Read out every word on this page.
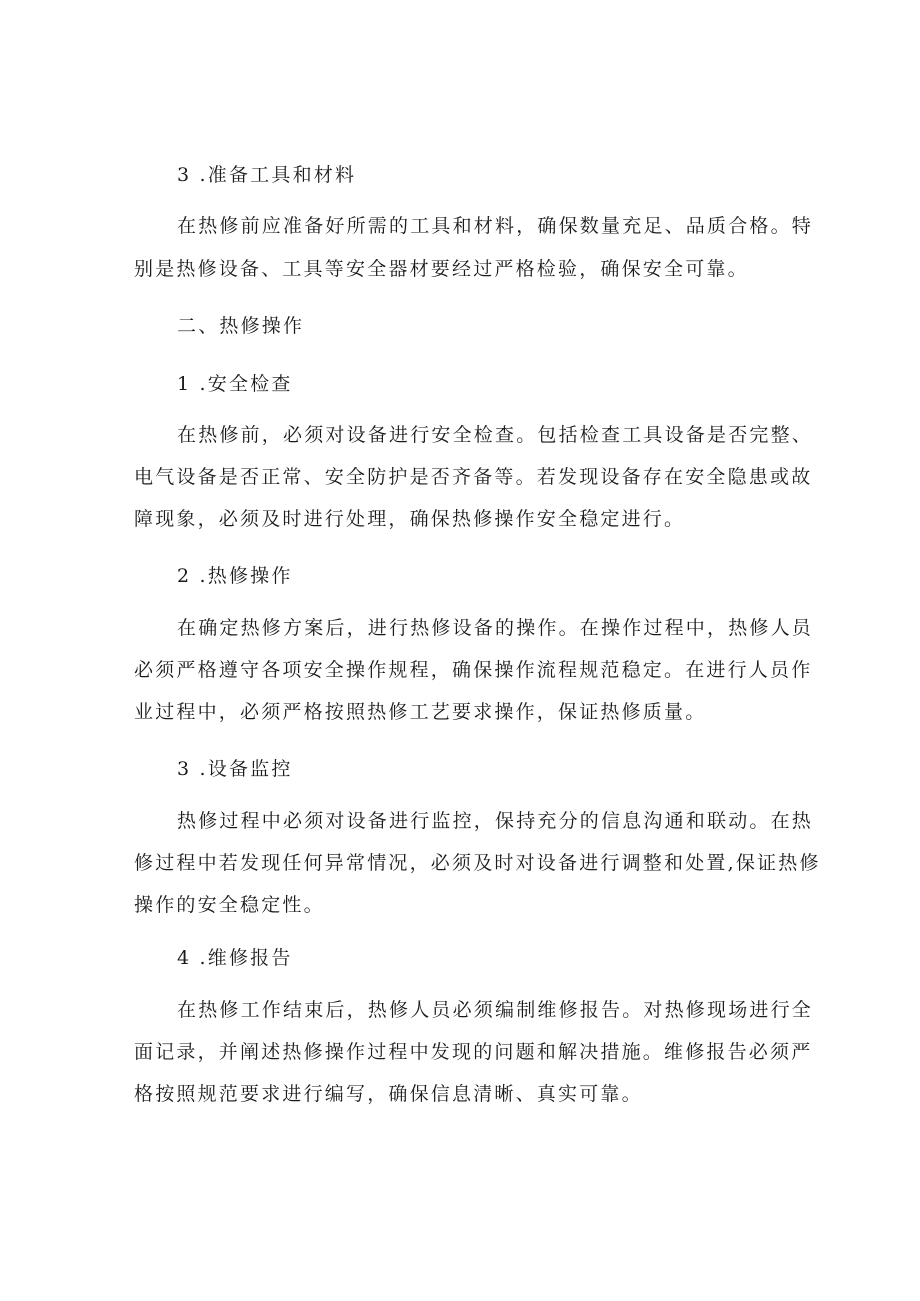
3 .准备工具和材料
在热修前应准备好所需的工具和材料，确保数量充足、品质合格。特
别是热修设备、工具等安全器材要经过严格检验，确保安全可靠。
二、热修操作
1 .安全检查
在热修前，必须对设备进行安全检查。包括检查工具设备是否完整、
电气设备是否正常、安全防护是否齐备等。若发现设备存在安全隐患或故
障现象，必须及时进行处理，确保热修操作安全稳定进行。
2 .热修操作
在确定热修方案后，进行热修设备的操作。在操作过程中，热修人员
必须严格遵守各项安全操作规程，确保操作流程规范稳定。在进行人员作
业过程中，必须严格按照热修工艺要求操作，保证热修质量。
3 .设备监控
热修过程中必须对设备进行监控，保持充分的信息沟通和联动。在热
修过程中若发现任何异常情况，必须及时对设备进行调整和处置,保证热修
操作的安全稳定性。
4 .维修报告
在热修工作结束后，热修人员必须编制维修报告。对热修现场进行全
面记录，并阐述热修操作过程中发现的问题和解决措施。维修报告必须严
格按照规范要求进行编写，确保信息清晰、真实可靠。
